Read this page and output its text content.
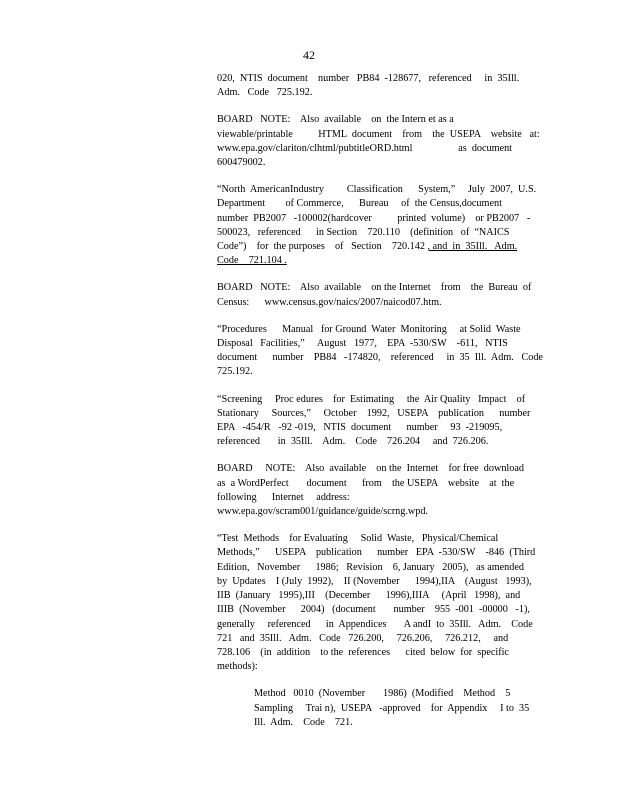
42
020,  NTIS  document    number   PB84  -128677,   referenced     in  35Ill.
Adm.   Code   725.192.
BOARD   NOTE:    Also  available    on  the Intern et as a
viewable/printable          HTML  document    from    the  USEPA    website   at:
www.epa.gov/clariton/clhtml/pubtitleORD.html                  as  document
600479002.
“North  AmericanIndustry         Classification      System,”     July  2007,  U.S.
Department        of Commerce,      Bureau     of  the Census,document
number  PB2007   -100002(hardcover          printed  volume)    or PB2007   -
500023,   referenced      in Section    720.110    (definition   of  “NAICS
Code”)    for  the purposes    of   Section    720.142 , and  in  35Ill.   Adm.
Code    721.104 .
BOARD   NOTE:    Also  available    on the Internet    from    the  Bureau  of
Census:      www.census.gov/naics/2007/naicod07.htm.
“Procedures      Manual   for Ground  Water  Monitoring     at Solid  Waste
Disposal   Facilities,”     August   1977,    EPA  -530/SW    -611,   NTIS
document      number    PB84   -174820,    referenced     in  35  Ill.  Adm.   Code
725.192.
“Screening     Proc edures    for  Estimating     the  Air Quality   Impact    of
Stationary     Sources,”     October    1992,   USEPA    publication      number
EPA   -454/R   -92 -019,   NTIS  document      number     93  -219095,
referenced       in  35Ill.    Adm.    Code    726.204     and  726.206.
BOARD     NOTE:    Also  available    on the  Internet    for free  download
as  a WordPerfect       document      from    the USEPA    website    at  the
following      Internet     address:
www.epa.gov/scram001/guidance/guide/scrng.wpd.
“Test  Methods    for Evaluating     Solid  Waste,   Physical/Chemical
Methods,”      USEPA    publication      number   EPA  -530/SW    -846  (Third
Edition,   November      1986;   Revision    6, January   2005),   as amended
by  Updates    I (July  1992),    II (November      1994),IIA    (August   1993),
IIB  (January   1995),III    (December      1996),IIIA     (April   1998),  and
IIIB  (November      2004)   (document       number    955  -001  -00000   -1),
generally     referenced      in  Appendices       A andI  to  35Ill.   Adm.    Code
721   and  35Ill.   Adm.   Code   726.200,     726.206,     726.212,     and
728.106    (in  addition    to the  references      cited  below  for  specific
methods):
Method   0010  (November       1986)  (Modified    Method    5
Sampling     Trai n),  USEPA   -approved    for  Appendix     I to  35
Ill.  Adm.    Code    721.
